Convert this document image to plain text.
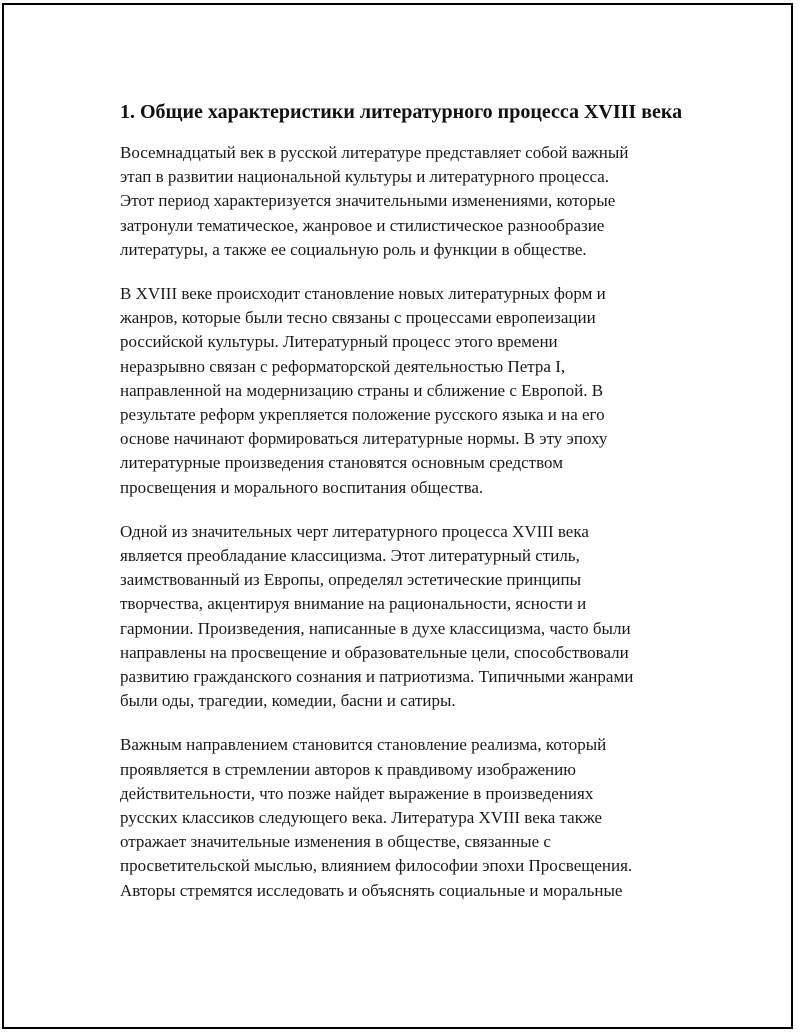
1. Общие характеристики литературного процесса XVIII века

Восемнадцатый век в русской литературе представляет собой важный
этап в развитии национальной культуры и литературного процесса.
Этот период характеризуется значительными изменениями, которые
затронули тематическое, жанровое и стилистическое разнообразие
литературы, а также ее социальную роль и функции в обществе.

В XVIII веке происходит становление новых литературных форм и
жанров, которые были тесно связаны с процессами европеизации
российской культуры. Литературный процесс этого времени
неразрывно связан с реформаторской деятельностью Петра I,
направленной на модернизацию страны и сближение с Европой. В
результате реформ укрепляется положение русского языка и на его
основе начинают формироваться литературные нормы. В эту эпоху
литературные произведения становятся основным средством
просвещения и морального воспитания общества.

Одной из значительных черт литературного процесса XVIII века
является преобладание классицизма. Этот литературный стиль,
заимствованный из Европы, определял эстетические принципы
творчества, акцентируя внимание на рациональности, ясности и
гармонии. Произведения, написанные в духе классицизма, часто были
направлены на просвещение и образовательные цели, способствовали
развитию гражданского сознания и патриотизма. Типичными жанрами
были оды, трагедии, комедии, басни и сатиры.

Важным направлением становится становление реализма, который
проявляется в стремлении авторов к правдивому изображению
действительности, что позже найдет выражение в произведениях
русских классиков следующего века. Литература XVIII века также
отражает значительные изменения в обществе, связанные с
просветительской мыслью, влиянием философии эпохи Просвещения.
Авторы стремятся исследовать и объяснять социальные и моральные
